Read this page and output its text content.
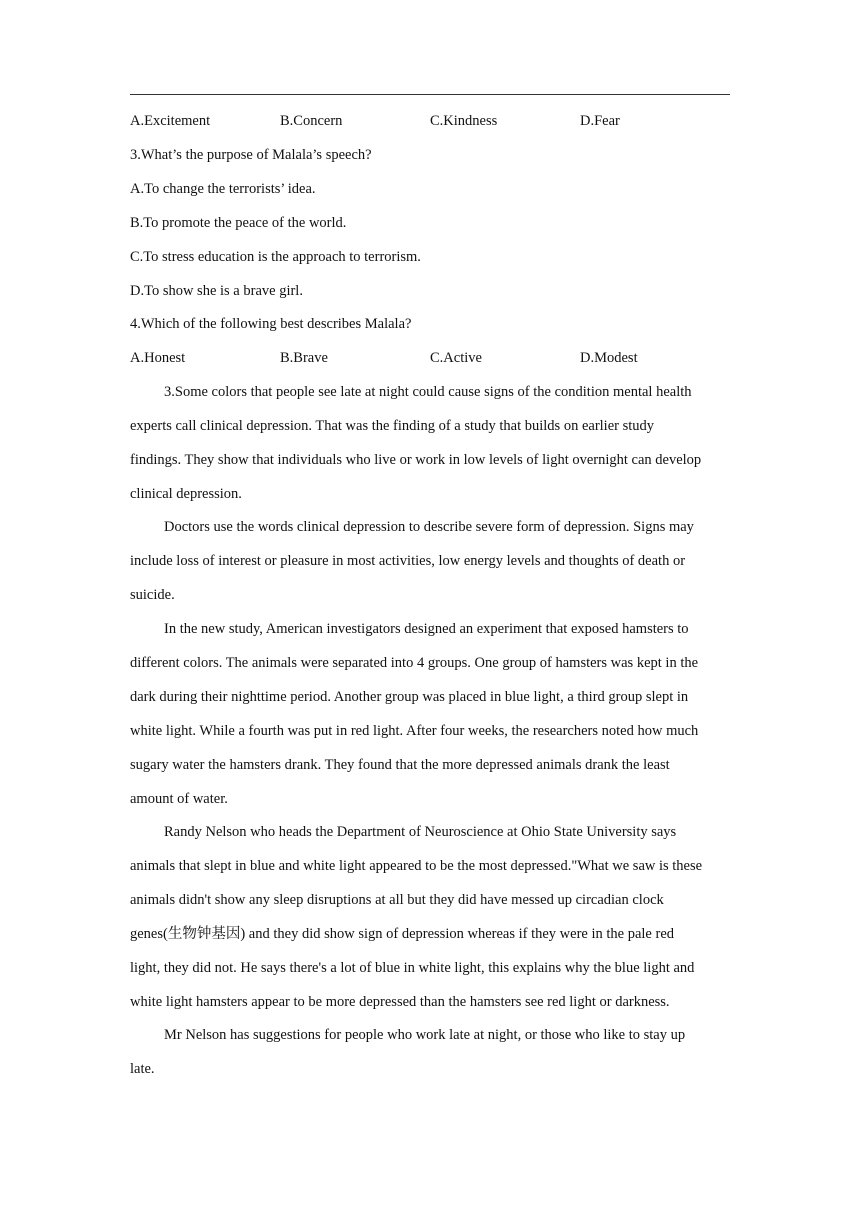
A.Excitement	B.Concern	C.Kindness	D.Fear
3.What’s the purpose of Malala’s speech?
A.To change the terrorists’ idea.
B.To promote the peace of the world.
C.To stress education is the approach to terrorism.
D.To show she is a brave girl.
4.Which of the following best describes Malala?
A.Honest	B.Brave	C.Active	D.Modest
3.Some colors that people see late at night could cause signs of the condition mental health
experts call clinical depression. That was the finding of a study that builds on earlier study
findings. They show that individuals who live or work in low levels of light overnight can develop
clinical depression.
Doctors use the words clinical depression to describe severe form of depression. Signs may
include loss of interest or pleasure in most activities, low energy levels and thoughts of death or
suicide.
In the new study, American investigators designed an experiment that exposed hamsters to
different colors. The animals were separated into 4 groups. One group of hamsters was kept in the
dark during their nighttime period. Another group was placed in blue light, a third group slept in
white light. While a fourth was put in red light. After four weeks, the researchers noted how much
sugary water the hamsters drank. They found that the more depressed animals drank the least
amount of water.
Randy Nelson who heads the Department of Neuroscience at Ohio State University says
animals that slept in blue and white light appeared to be the most depressed."What we saw is these
animals didn't show any sleep disruptions at all but they did have messed up circadian clock
genes(生物钟基因) and they did show sign of depression whereas if they were in the pale red
light, they did not. He says there's a lot of blue in white light, this explains why the blue light and
white light hamsters appear to be more depressed than the hamsters see red light or darkness.
Mr Nelson has suggestions for people who work late at night, or those who like to stay up
late.
